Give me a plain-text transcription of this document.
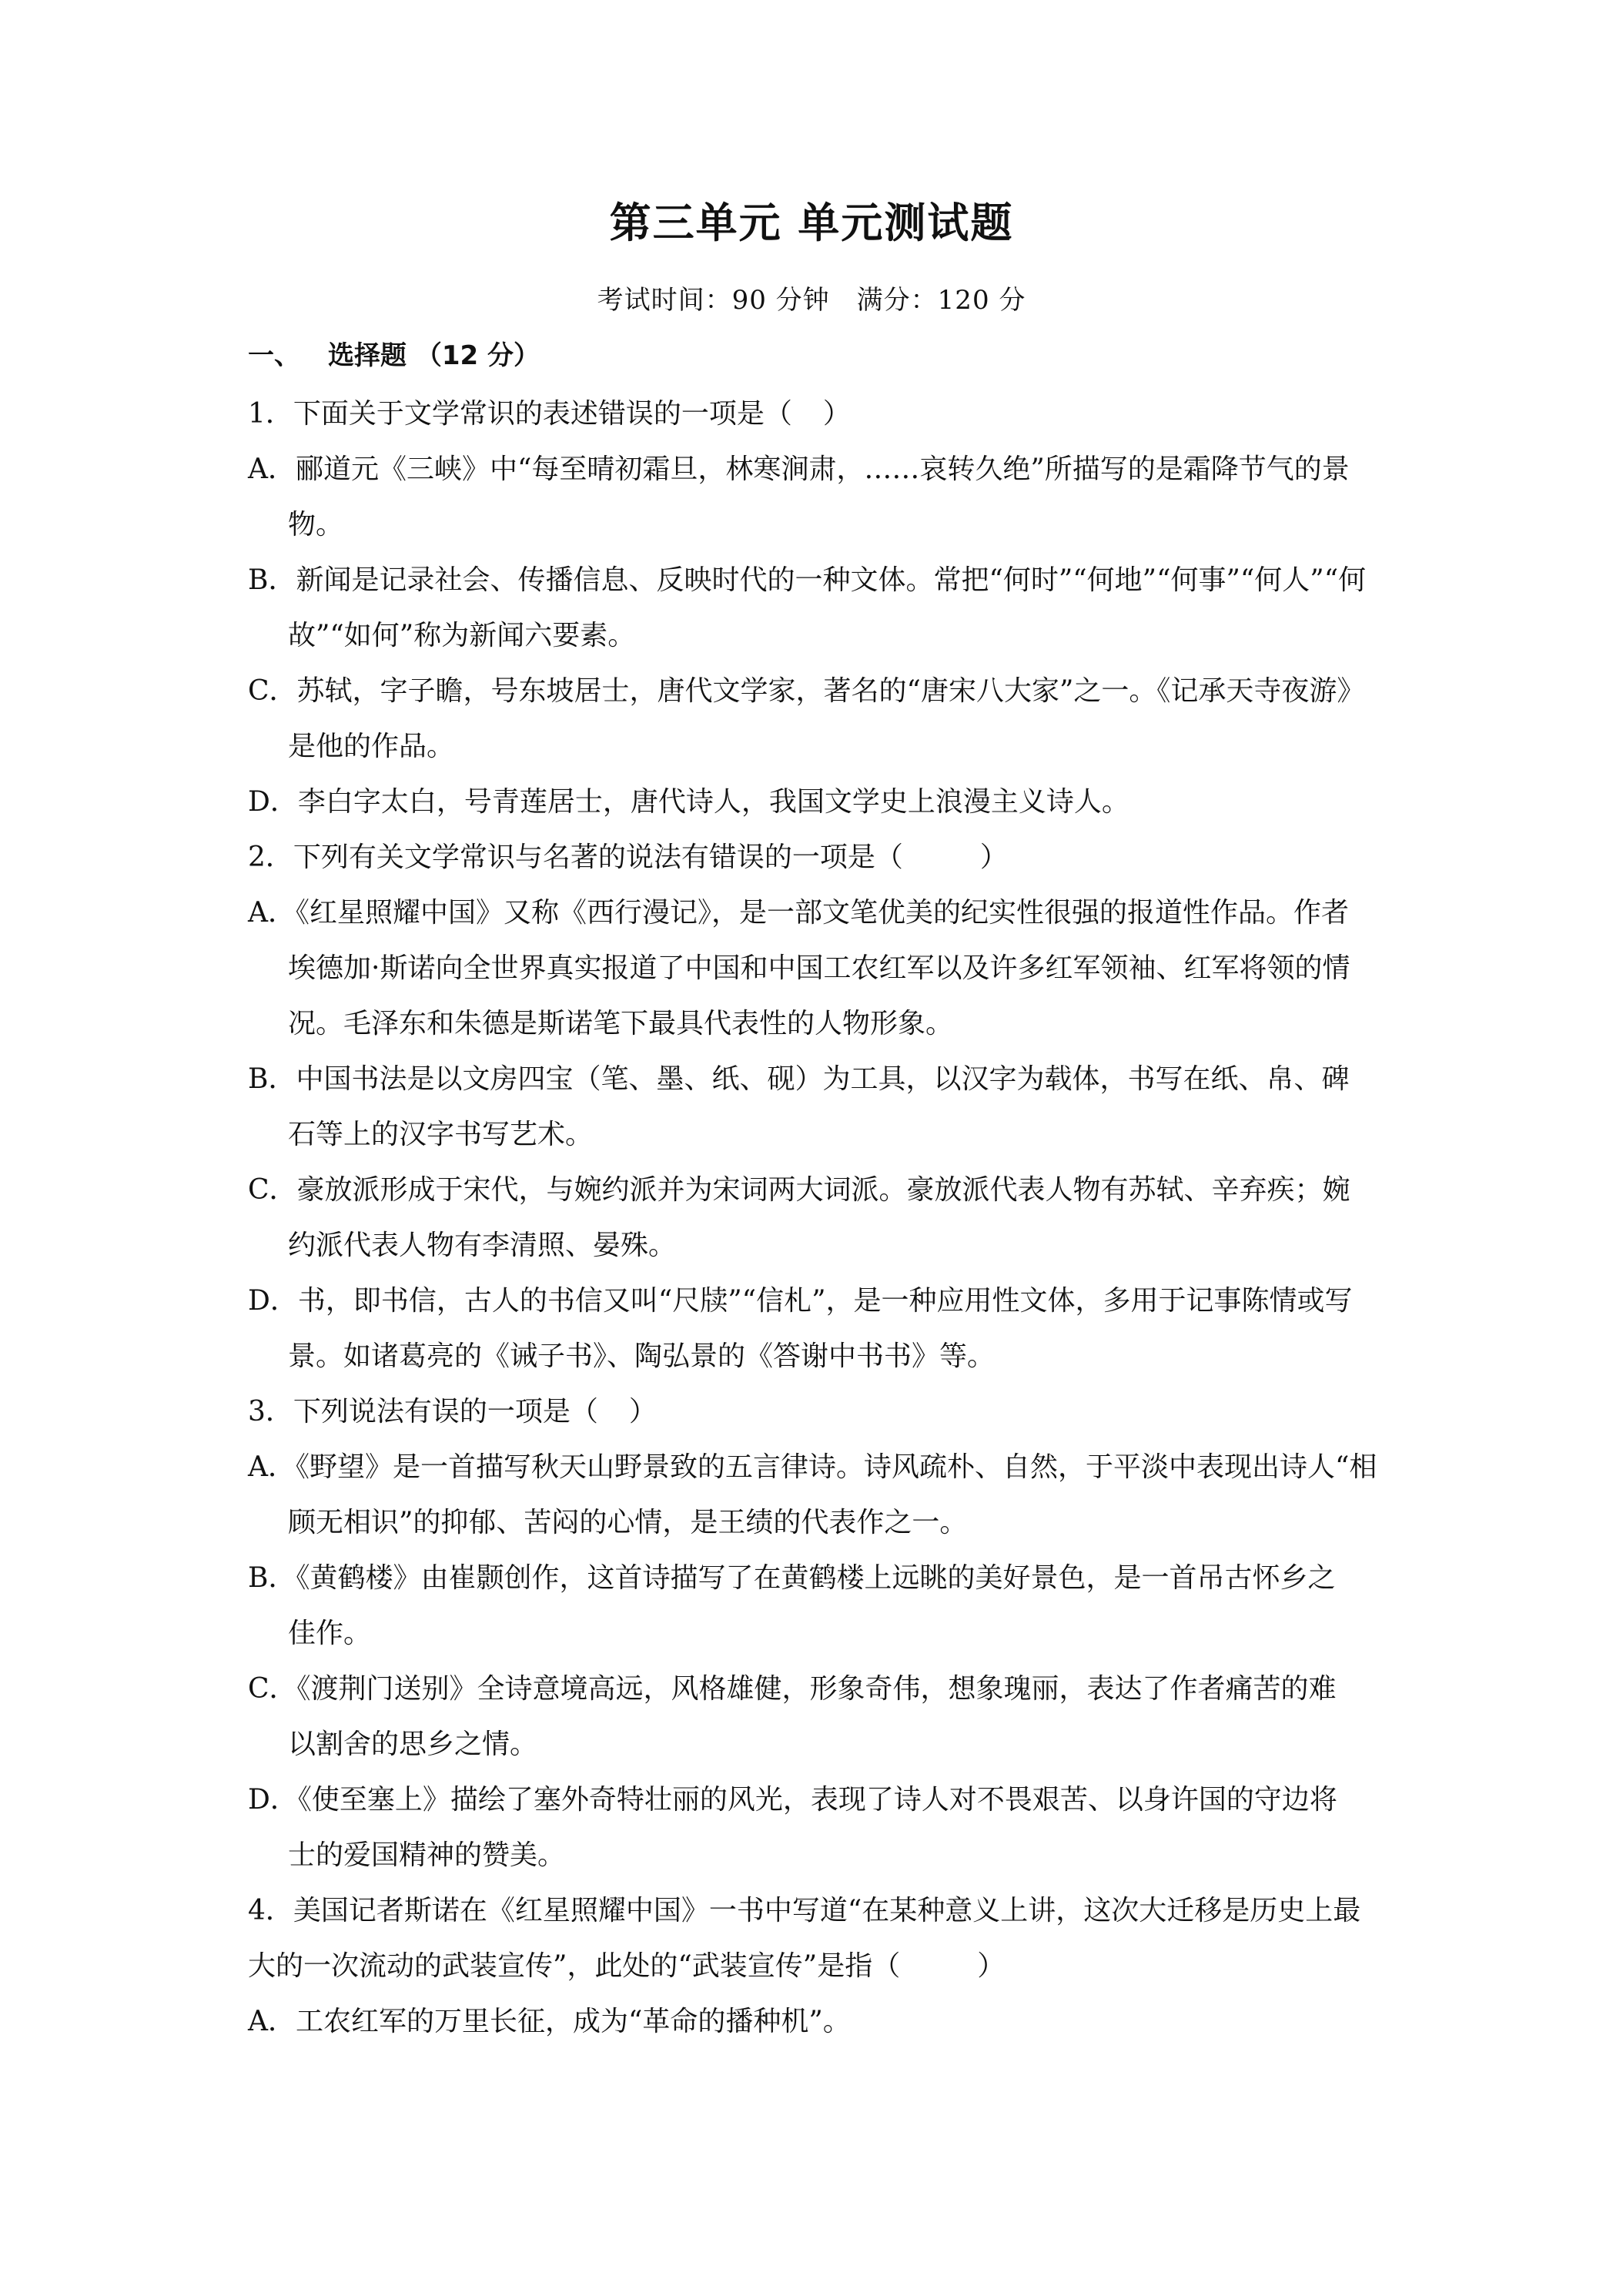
第三单元 单元测试题
考试时间：90 分钟　满分：120 分
一、 选择题 （12 分）
1．下面关于文学常识的表述错误的一项是（ ）
A．郦道元《三峡》中“每至晴初霜旦，林寒涧肃，……哀转久绝”所描写的是霜降节气的景
物。
B．新闻是记录社会、传播信息、反映时代的一种文体。常把“何时”“何地”“何事”“何人”“何
故”“如何”称为新闻六要素。
C．苏轼，字子瞻，号东坡居士，唐代文学家，著名的“唐宋八大家”之一。《记承天寺夜游》
是他的作品。
D．李白字太白，号青莲居士，唐代诗人，我国文学史上浪漫主义诗人。
2．下列有关文学常识与名著的说法有错误的一项是（	）
A．《红星照耀中国》又称《西行漫记》，是一部文笔优美的纪实性很强的报道性作品。作者
埃德加·斯诺向全世界真实报道了中国和中国工农红军以及许多红军领袖、红军将领的情
况。毛泽东和朱德是斯诺笔下最具代表性的人物形象。
B．中国书法是以文房四宝（笔、墨、纸、砚）为工具，以汉字为载体，书写在纸、帛、碑
石等上的汉字书写艺术。
C．豪放派形成于宋代，与婉约派并为宋词两大词派。豪放派代表人物有苏轼、辛弃疾；婉
约派代表人物有李清照、晏殊。
D．书，即书信，古人的书信又叫“尺牍”“信札”，是一种应用性文体，多用于记事陈情或写
景。如诸葛亮的《诫子书》、陶弘景的《答谢中书书》等。
3．下列说法有误的一项是（ ）
A．《野望》是一首描写秋天山野景致的五言律诗。诗风疏朴、自然，于平淡中表现出诗人“相
顾无相识”的抑郁、苦闷的心情，是王绩的代表作之一。
B．《黄鹤楼》由崔颢创作，这首诗描写了在黄鹤楼上远眺的美好景色，是一首吊古怀乡之
佳作。
C．《渡荆门送别》全诗意境高远，风格雄健，形象奇伟，想象瑰丽，表达了作者痛苦的难
以割舍的思乡之情。
D．《使至塞上》描绘了塞外奇特壮丽的风光，表现了诗人对不畏艰苦、以身许国的守边将
士的爱国精神的赞美。
4．美国记者斯诺在《红星照耀中国》一书中写道“在某种意义上讲，这次大迁移是历史上最
大的一次流动的武装宣传”，此处的“武装宣传”是指（	）
A．工农红军的万里长征，成为“革命的播种机”。
